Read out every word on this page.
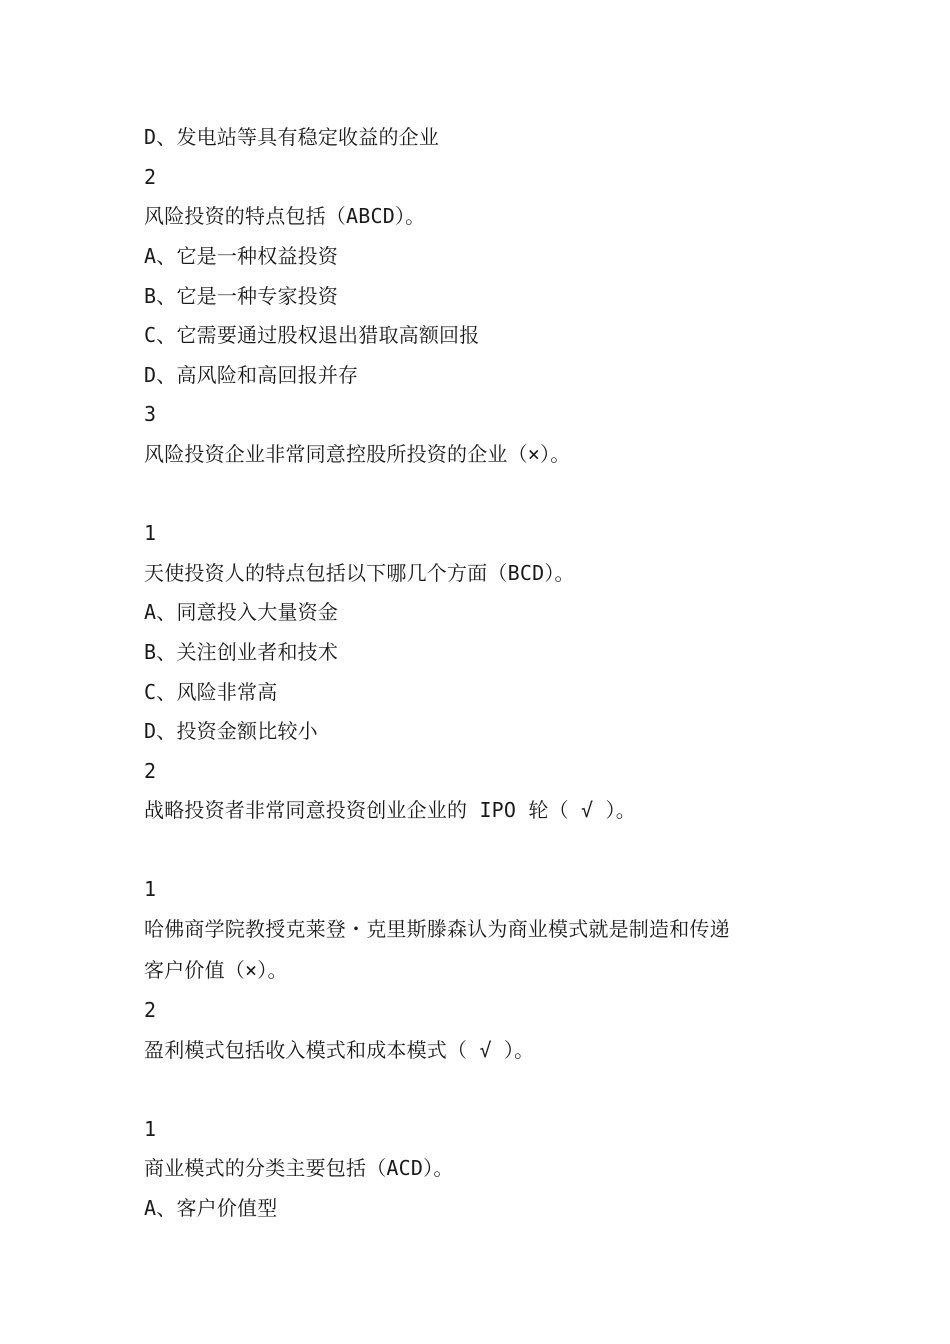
D、发电站等具有稳定收益的企业
2
风险投资的特点包括（ABCD）。
A、它是一种权益投资
B、它是一种专家投资
C、它需要通过股权退出猎取高额回报
D、高风险和高回报并存
3
风险投资企业非常同意控股所投资的企业（×）。
1
天使投资人的特点包括以下哪几个方面（BCD）。
A、同意投入大量资金
B、关注创业者和技术
C、风险非常高
D、投资金额比较小
2
战略投资者非常同意投资创业企业的 IPO 轮（ √ ）。
1
哈佛商学院教授克莱登・克里斯滕森认为商业模式就是制造和传递
客户价值（×）。
2
盈利模式包括收入模式和成本模式（ √ ）。
1
商业模式的分类主要包括（ACD）。
A、客户价值型
